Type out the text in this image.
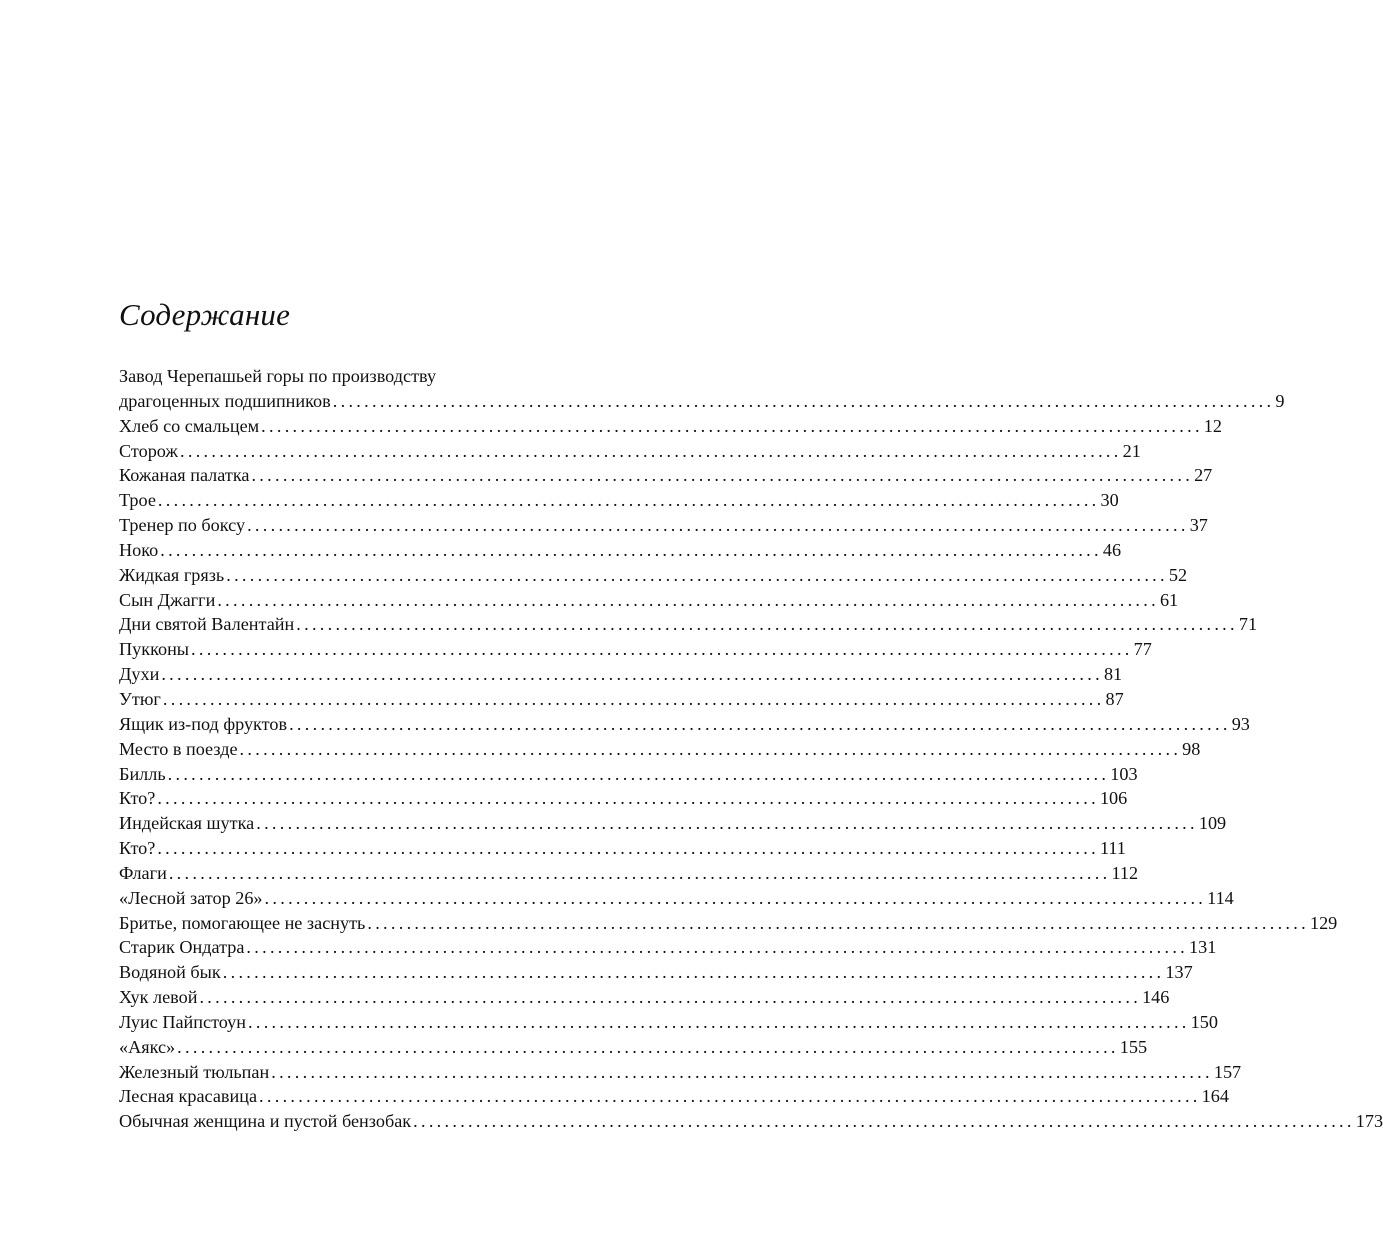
Содержание
Завод Черепашьей горы по производству
драгоценных подшипников ........................................................................................................................ 9
Хлеб со смальцем ........................................................................................................................ 12
Сторож ........................................................................................................................ 21
Кожаная палатка ........................................................................................................................ 27
Трое ........................................................................................................................ 30
Тренер по боксу ........................................................................................................................ 37
Ноко ........................................................................................................................ 46
Жидкая грязь ........................................................................................................................ 52
Сын Джагги ........................................................................................................................ 61
Дни святой Валентайн ........................................................................................................................ 71
Пукконы ........................................................................................................................ 77
Духи ........................................................................................................................ 81
Утюг ........................................................................................................................ 87
Ящик из-под фруктов ........................................................................................................................ 93
Место в поезде ........................................................................................................................ 98
Билль ........................................................................................................................ 103
Кто? ........................................................................................................................ 106
Индейская шутка ........................................................................................................................ 109
Кто? ........................................................................................................................ 111
Флаги ........................................................................................................................ 112
«Лесной затор 26» ........................................................................................................................ 114
Бритье, помогающее не заснуть ........................................................................................................................ 129
Старик Ондатра ........................................................................................................................ 131
Водяной бык ........................................................................................................................ 137
Хук левой ........................................................................................................................ 146
Луис Пайпстоун ........................................................................................................................ 150
«Аякс» ........................................................................................................................ 155
Железный тюльпан ........................................................................................................................ 157
Лесная красавица ........................................................................................................................ 164
Обычная женщина и пустой бензобак ........................................................................................................................ 173
